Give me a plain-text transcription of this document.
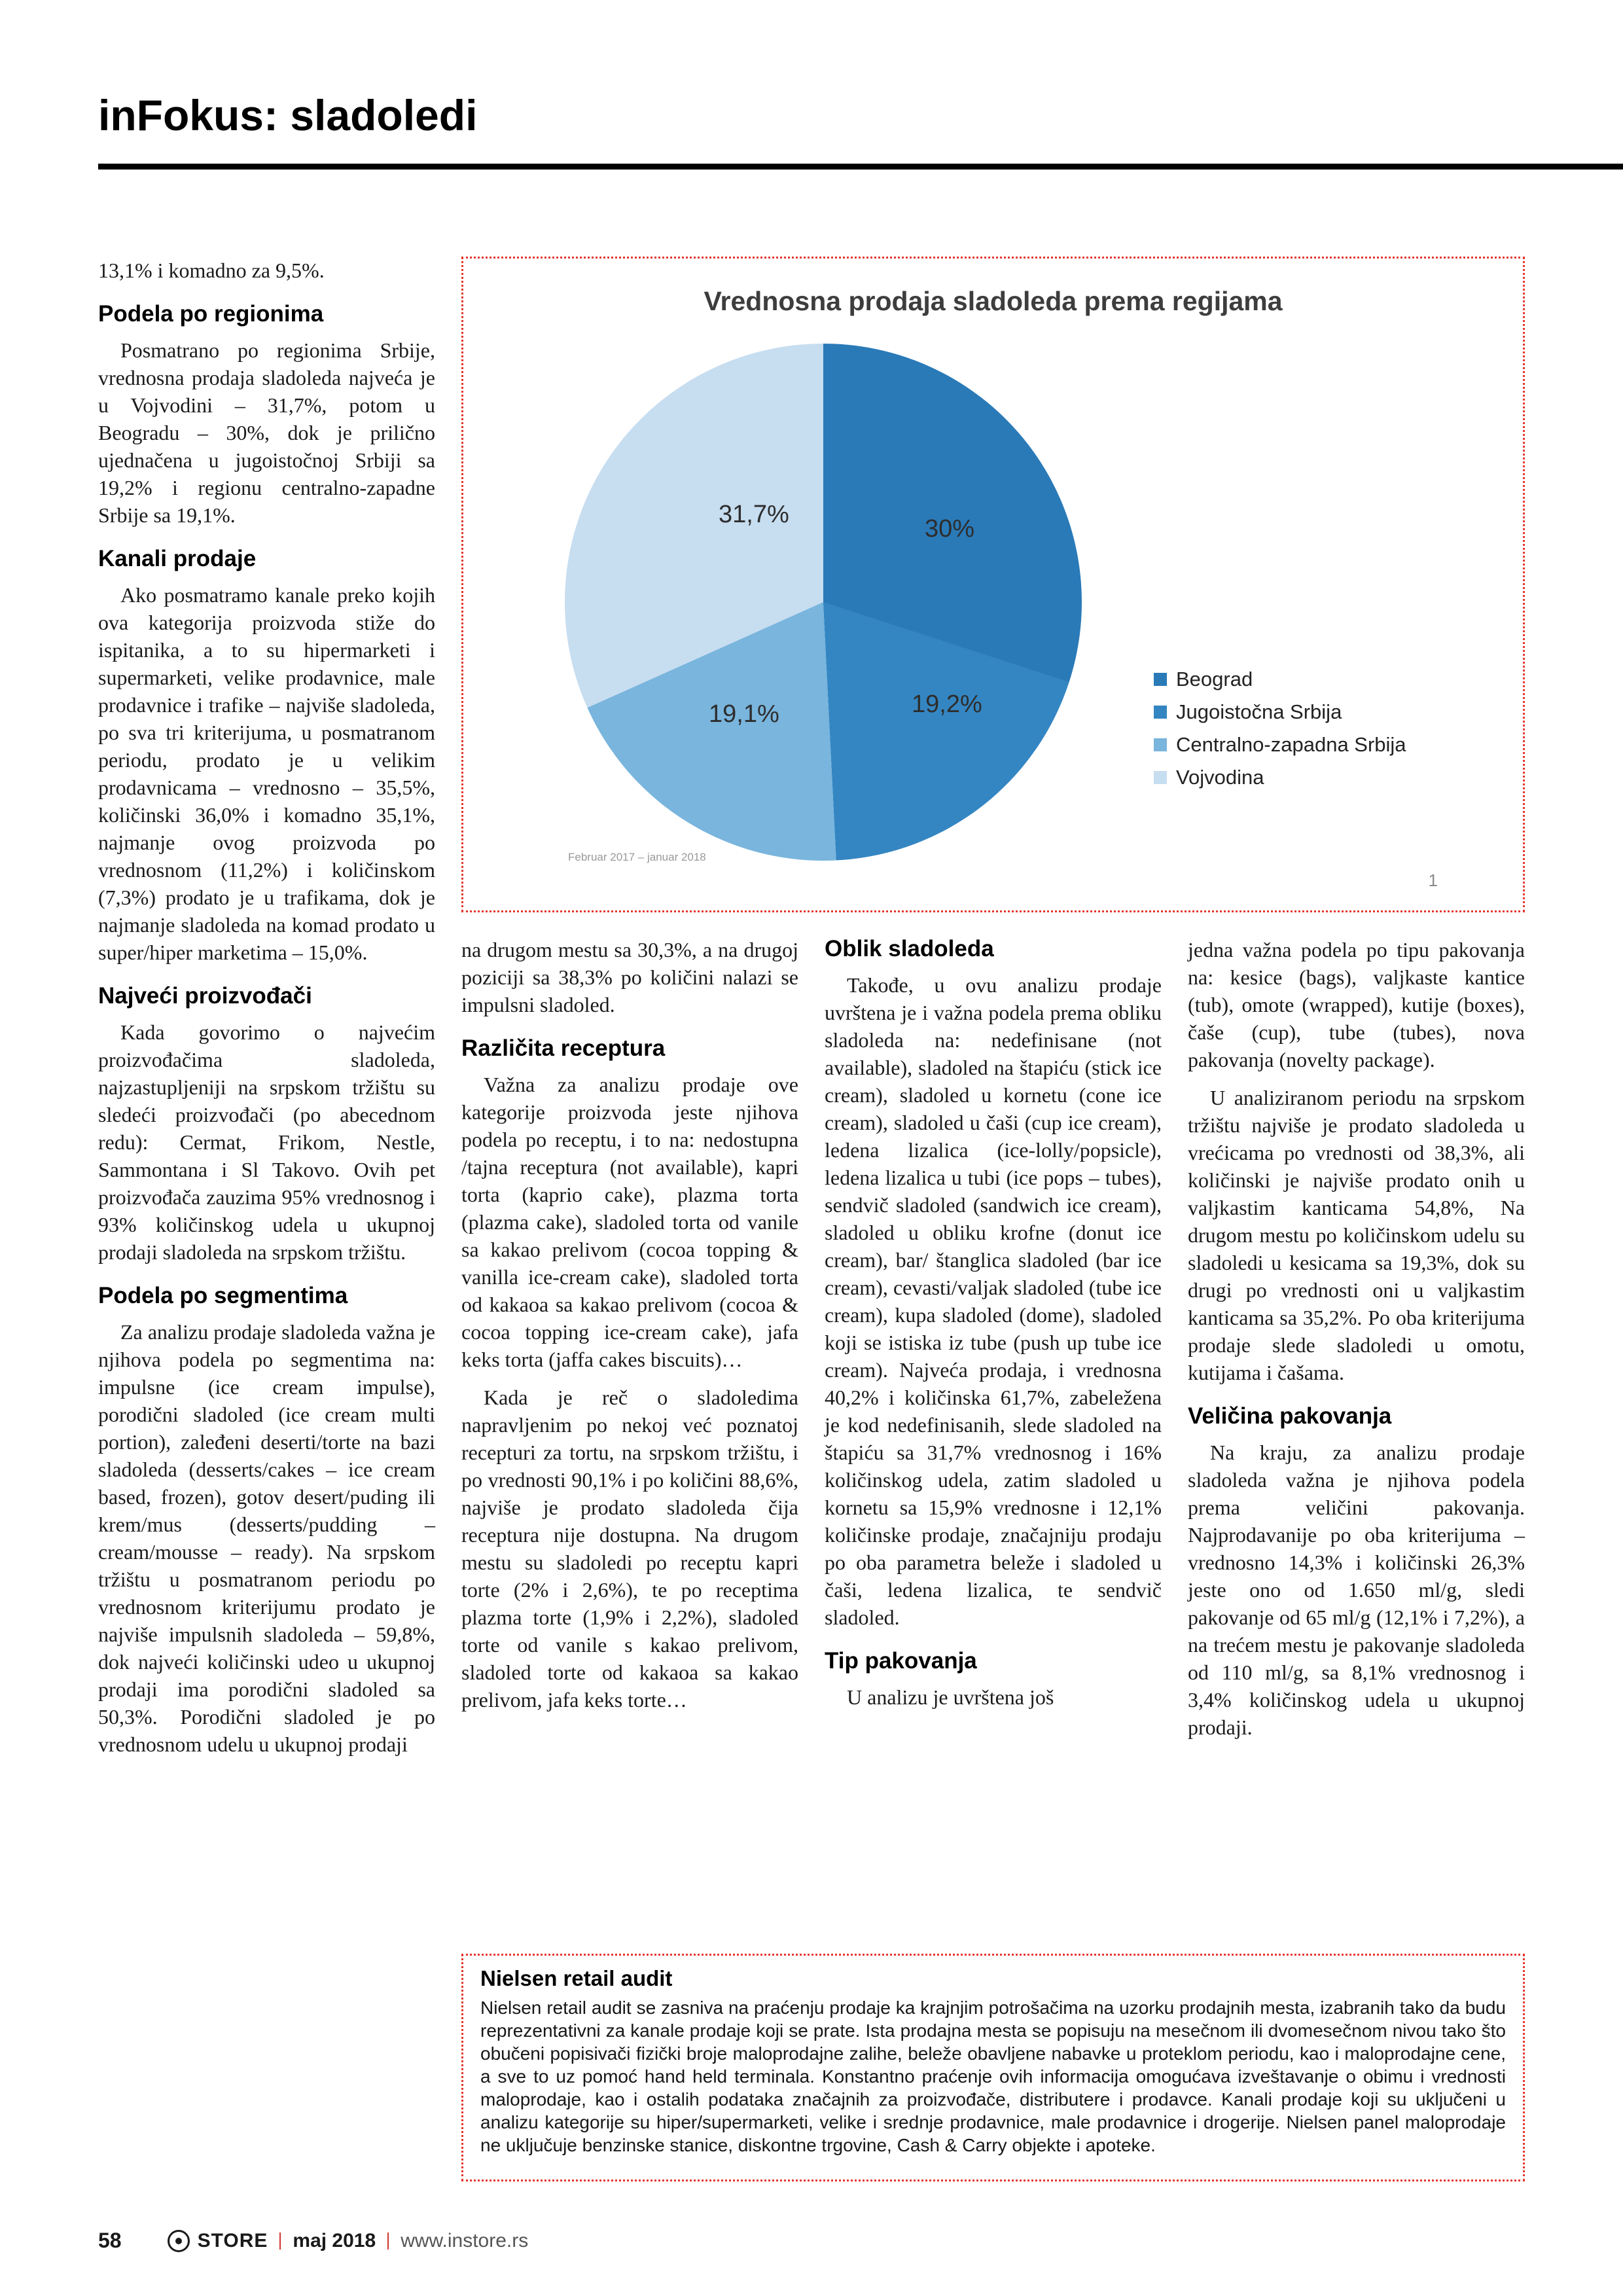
inFokus: sladoledi

13,1% i komadno za 9,5%.

Podela po regionima

Posmatrano po regionima Srbije, vrednosna prodaja sladoleda najveća je u Vojvodini – 31,7%, potom u Beogradu – 30%, dok je prilično ujednačena u jugoistočnoj Srbiji sa 19,2% i regionu centralno-zapadne Srbije sa 19,1%.

Kanali prodaje

Ako posmatramo kanale preko kojih ova kategorija proizvoda stiže do ispitanika, a to su hipermarketi i supermarketi, velike prodavnice, male prodavnice i trafike – najviše sladoleda, po sva tri kriterijuma, u posmatranom periodu, prodato je u velikim prodavnicama – vrednosno – 35,5%, količinski 36,0% i komadno 35,1%, najmanje ovog proizvoda po vrednosnom (11,2%) i količinskom (7,3%) prodato je u trafikama, dok je najmanje sladoleda na komad prodato u super/hiper marketima – 15,0%.

Najveći proizvođači

Kada govorimo o najvećim proizvođačima sladoleda, najzastupljeniji na srpskom tržištu su sledeći proizvođači (po abecednom redu): Cermat, Frikom, Nestle, Sammontana i Sl Takovo. Ovih pet proizvođača zauzima 95% vrednosnog i 93% količinskog udela u ukupnoj prodaji sladoleda na srpskom tržištu.

Podela po segmentima

Za analizu prodaje sladoleda važna je njihova podela po segmentima na: impulsne (ice cream impulse), porodični sladoled (ice cream multi portion), zaleđeni deserti/torte na bazi sladoleda (desserts/cakes – ice cream based, frozen), gotov desert/puding ili krem/mus (desserts/pudding – cream/mousse – ready). Na srpskom tržištu u posmatranom periodu po vrednosnom kriterijumu prodato je najviše impulsnih sladoleda – 59,8%, dok najveći količinski udeo u ukupnoj prodaji ima porodični sladoled sa 50,3%. Porodični sladoled je po vrednosnom udelu u ukupnoj prodaji

Vrednosna prodaja sladoleda prema regijama
31,7%
30%
19,2%
19,1%
Beograd
Jugoistočna Srbija
Centralno-zapadna Srbija
Vojvodina
Februar 2017 – januar 2018
1

na drugom mestu sa 30,3%, a na drugoj poziciji sa 38,3% po količini nalazi se impulsni sladoled.

Različita receptura

Važna za analizu prodaje ove kategorije proizvoda jeste njihova podela po receptu, i to na: nedostupna /tajna receptura (not available), kapri torta (kaprio cake), plazma torta (plazma cake), sladoled torta od vanile sa kakao prelivom (cocoa topping & vanilla ice-cream cake), sladoled torta od kakaoa sa kakao prelivom (cocoa & cocoa topping ice-cream cake), jafa keks torta (jaffa cakes biscuits)…

Kada je reč o sladoledima napravljenim po nekoj već poznatoj recepturi za tortu, na srpskom tržištu, i po vrednosti 90,1% i po količini 88,6%, najviše je prodato sladoleda čija receptura nije dostupna. Na drugom mestu su sladoledi po receptu kapri torte (2% i 2,6%), te po receptima plazma torte (1,9% i 2,2%), sladoled torte od vanile s kakao prelivom, sladoled torte od kakaoa sa kakao prelivom, jafa keks torte…

Oblik sladoleda

Takođe, u ovu analizu prodaje uvrštena je i važna podela prema obliku sladoleda na: nedefinisane (not available), sladoled na štapiću (stick ice cream), sladoled u kornetu (cone ice cream), sladoled u čaši (cup ice cream), ledena lizalica (ice-lolly/popsicle), ledena lizalica u tubi (ice pops – tubes), sendvič sladoled (sandwich ice cream), sladoled u obliku krofne (donut ice cream), bar/ štanglica sladoled (bar ice cream), cevasti/valjak sladoled (tube ice cream), kupa sladoled (dome), sladoled koji se istiska iz tube (push up tube ice cream). Najveća prodaja, i vrednosna 40,2% i količinska 61,7%, zabeležena je kod nedefinisanih, slede sladoled na štapiću sa 31,7% vrednosnog i 16% količinskog udela, zatim sladoled u kornetu sa 15,9% vrednosne i 12,1% količinske prodaje, značajniju prodaju po oba parametra beleže i sladoled u čaši, ledena lizalica, te sendvič sladoled.

Tip pakovanja

U analizu je uvrštena još

jedna važna podela po tipu pakovanja na: kesice (bags), valjkaste kantice (tub), omote (wrapped), kutije (boxes), čaše (cup), tube (tubes), nova pakovanja (novelty package).

U analiziranom periodu na srpskom tržištu najviše je prodato sladoleda u vrećicama po vrednosti od 38,3%, ali količinski je najviše prodato onih u valjkastim kanticama 54,8%, Na drugom mestu po količinskom udelu su sladoledi u kesicama sa 19,3%, dok su drugi po vrednosti oni u valjkastim kanticama sa 35,2%. Po oba kriterijuma prodaje slede sladoledi u omotu, kutijama i čašama.

Veličina pakovanja

Na kraju, za analizu prodaje sladoleda važna je njihova podela prema veličini pakovanja. Najprodavanije po oba kriterijuma – vrednosno 14,3% i količinski 26,3% jeste ono od 1.650 ml/g, sledi pakovanje od 65 ml/g (12,1% i 7,2%), a na trećem mestu je pakovanje sladoleda od 110 ml/g, sa 8,1% vrednosnog i 3,4% količinskog udela u ukupnoj prodaji.

Nielsen retail audit

Nielsen retail audit se zasniva na praćenju prodaje ka krajnjim potrošačima na uzorku prodajnih mesta, izabranih tako da budu reprezentativni za kanale prodaje koji se prate. Ista prodajna mesta se popisuju na mesečnom ili dvomesečnom nivou tako što obučeni popisivači fizički broje maloprodajne zalihe, beleže obavljene nabavke u proteklom periodu, kao i maloprodajne cene, a sve to uz pomoć hand held terminala. Konstantno praćenje ovih informacija omogućava izveštavanje o obimu i vrednosti maloprodaje, kao i ostalih podataka značajnih za proizvođače, distributere i prodavce. Kanali prodaje koji su uključeni u analizu kategorije su hiper/supermarketi, velike i srednje prodavnice, male prodavnice i drogerije. Nielsen panel maloprodaje ne uključuje benzinske stanice, diskontne trgovine, Cash & Carry objekte i apoteke.

58	STORE maj 2018 www.instore.rs
